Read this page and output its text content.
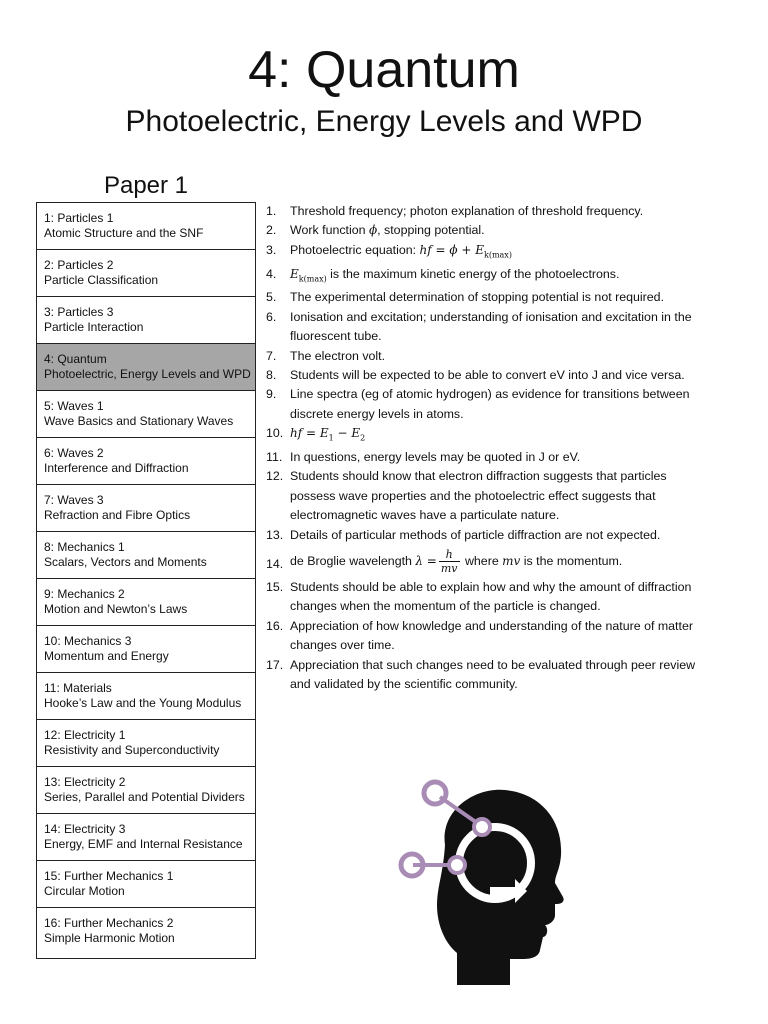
4: Quantum
Photoelectric, Energy Levels and WPD
Paper 1
1: Particles 1
Atomic Structure and the SNF
2: Particles 2
Particle Classification
3: Particles 3
Particle Interaction
4: Quantum
Photoelectric, Energy Levels and WPD
5: Waves 1
Wave Basics and Stationary Waves
6: Waves 2
Interference and Diffraction
7: Waves 3
Refraction and Fibre Optics
8: Mechanics 1
Scalars, Vectors and Moments
9: Mechanics 2
Motion and Newton’s Laws
10: Mechanics 3
Momentum and Energy
11: Materials
Hooke’s Law and the Young Modulus
12: Electricity 1
Resistivity and Superconductivity
13: Electricity 2
Series, Parallel and Potential Dividers
14: Electricity 3
Energy, EMF and Internal Resistance
15: Further Mechanics 1
Circular Motion
16: Further Mechanics 2
Simple Harmonic Motion
1. Threshold frequency; photon explanation of threshold frequency.
2. Work function ϕ, stopping potential.
3. Photoelectric equation: hf = $\phi + E_{k(max)}$
4. $E_{k(max)}$ is the maximum kinetic energy of the photoelectrons.
5. The experimental determination of stopping potential is not required.
6. Ionisation and excitation; understanding of ionisation and excitation in the fluorescent tube.
7. The electron volt.
8. Students will be expected to be able to convert eV into J and vice versa.
9. Line spectra (eg of atomic hydrogen) as evidence for transitions between discrete energy levels in atoms.
10. hf = $E_1 - E_2$
11. In questions, energy levels may be quoted in J or eV.
12. Students should know that electron diffraction suggests that particles possess wave properties and the photoelectric effect suggests that electromagnetic waves have a particulate nature.
13. Details of particular methods of particle diffraction are not expected.
14. de Broglie wavelength $\lambda = \frac{h}{mv}$ where mv is the momentum.
15. Students should be able to explain how and why the amount of diffraction changes when the momentum of the particle is changed.
16. Appreciation of how knowledge and understanding of the nature of matter changes over time.
17. Appreciation that such changes need to be evaluated through peer review and validated by the scientific community.
